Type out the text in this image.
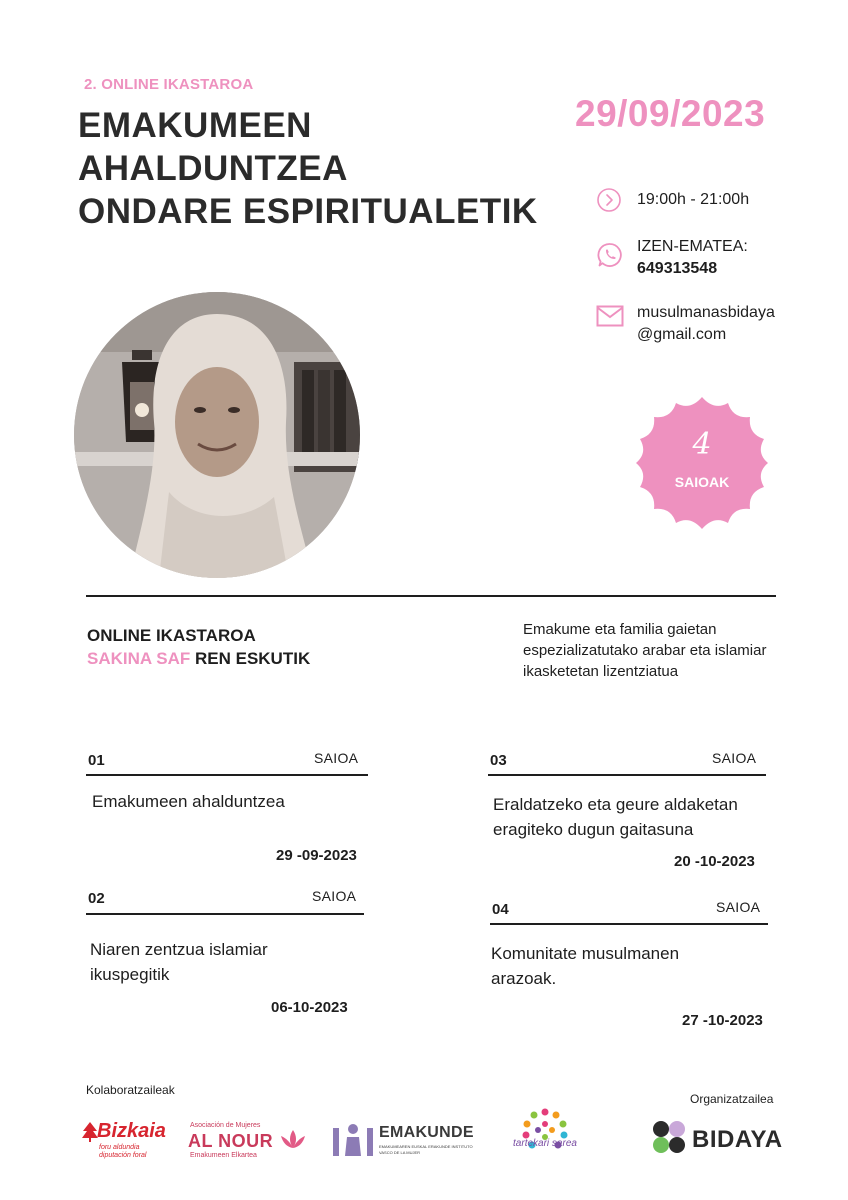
2. ONLINE IKASTAROA
EMAKUMEEN
AHALDUNTZEA
ONDARE ESPIRITUALETIK
29/09/2023
19:00h - 21:00h
IZEN-EMATEA:
649313548
musulmanasbidaya
@gmail.com
4
SAIOAK
ONLINE IKASTAROA
SAKINA SAF REN ESKUTIK
Emakume eta familia gaietan espezializatutako arabar eta islamiar ikasketetan lizentziatua
01	SAIOA
Emakumeen ahalduntzea
29 -09-2023
02	SAIOA
Niaren zentzua islamiar ikuspegitik
06-10-2023
03	SAIOA
Eraldatzeko eta geure aldaketan eragiteko dugun gaitasuna
20 -10-2023
04	SAIOA
Komunitate musulmanen arazoak.
27 -10-2023
Kolaboratzaileak
Organizatzailea
Bizkaia
foru aldundia diputación foral
Asociación de Mujeres
AL NOUR
Emakumeen Elkartea
EMAKUNDE
EMAKUMEAREN EUSKAL ERAKUNDE INSTITUTO VASCO DE LA MUJER
tartekari sarea	BIDAYA
